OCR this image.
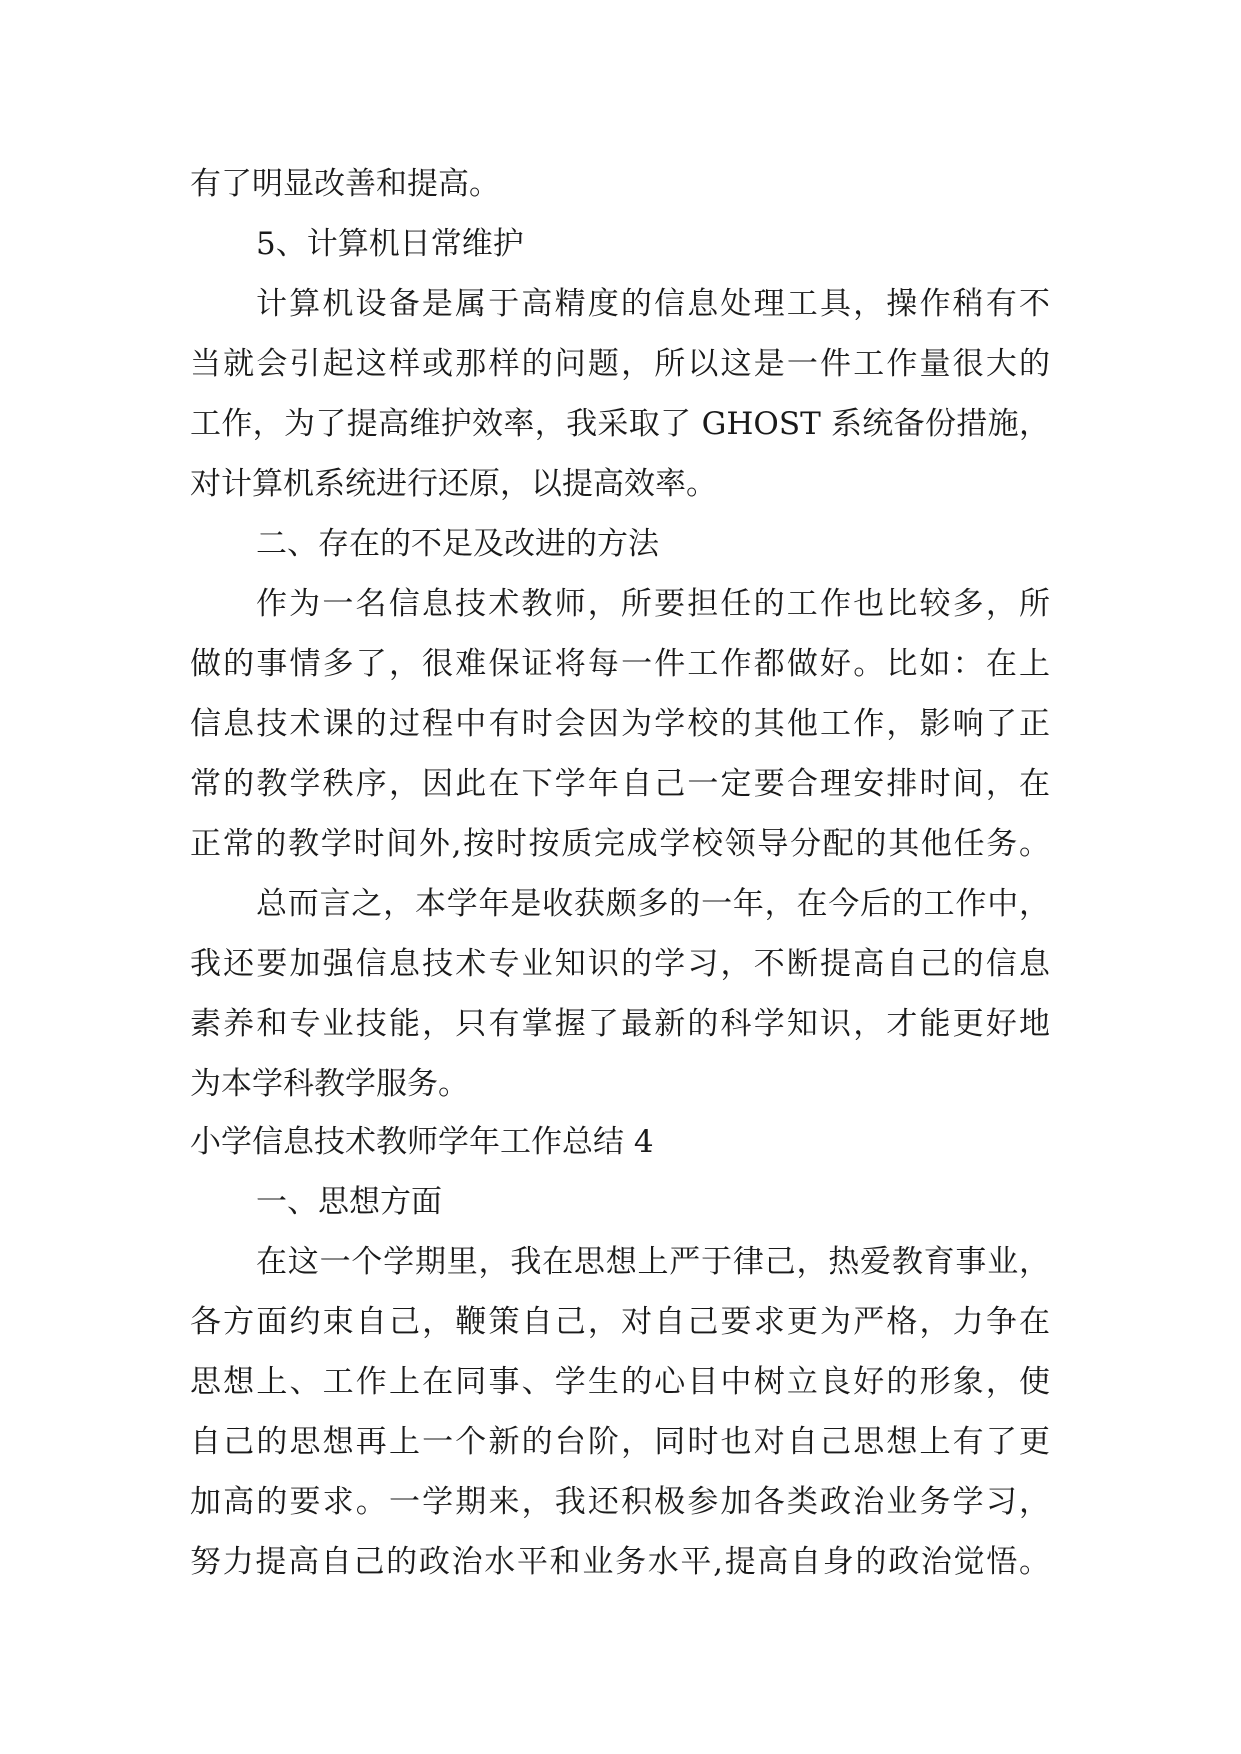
有了明显改善和提高。
5、计算机日常维护
计算机设备是属于高精度的信息处理工具，操作稍有不
当就会引起这样或那样的问题，所以这是一件工作量很大的
工作，为了提高维护效率，我采取了 GHOST 系统备份措施，
对计算机系统进行还原，以提高效率。
二、存在的不足及改进的方法
作为一名信息技术教师，所要担任的工作也比较多，所
做的事情多了，很难保证将每一件工作都做好。比如：在上
信息技术课的过程中有时会因为学校的其他工作，影响了正
常的教学秩序，因此在下学年自己一定要合理安排时间，在
正常的教学时间外,按时按质完成学校领导分配的其他任务。
总而言之，本学年是收获颇多的一年，在今后的工作中，
我还要加强信息技术专业知识的学习，不断提高自己的信息
素养和专业技能，只有掌握了最新的科学知识，才能更好地
为本学科教学服务。
小学信息技术教师学年工作总结 4
一、思想方面
在这一个学期里，我在思想上严于律己，热爱教育事业，
各方面约束自己，鞭策自己，对自己要求更为严格，力争在
思想上、工作上在同事、学生的心目中树立良好的形象，使
自己的思想再上一个新的台阶，同时也对自己思想上有了更
加高的要求。一学期来，我还积极参加各类政治业务学习，
努力提高自己的政治水平和业务水平,提高自身的政治觉悟。
